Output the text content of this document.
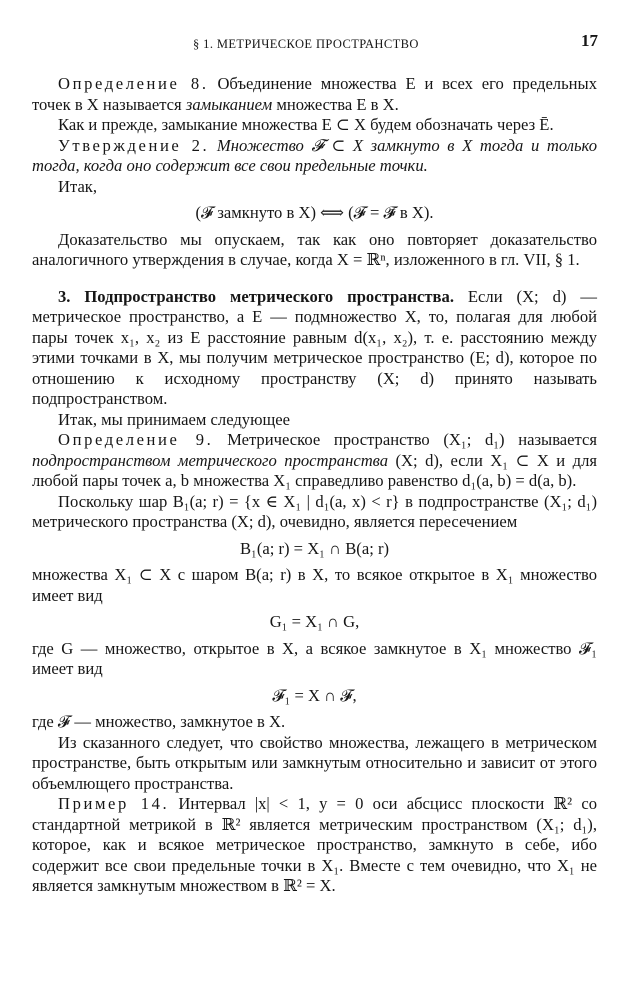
§ 1. МЕТРИЧЕСКОЕ ПРОСТРАНСТВО	17

Определение 8. Объединение множества E и всех его предельных точек в X называется замыканием множества E в X.

Как и прежде, замыкание множества E ⊂ X будем обозначать через Ē.

Утверждение 2. Множество 𝓕 ⊂ X замкнуто в X тогда и только тогда, когда оно содержит все свои предельные точки.

Итак,

(𝓕 замкнуто в X) ⟺ (𝓕 = 𝓕̄ в X).

Доказательство мы опускаем, так как оно повторяет доказательство аналогичного утверждения в случае, когда X = ℝⁿ, изложенного в гл. VII, § 1.

3. Подпространство метрического пространства. Если (X; d) — метрическое пространство, а E — подмножество X, то, полагая для любой пары точек x₁, x₂ из E расстояние равным d(x₁, x₂), т. е. расстоянию между этими точками в X, мы получим метрическое пространство (E; d), которое по отношению к исходному пространству (X; d) принято называть подпространством.

Итак, мы принимаем следующее

Определение 9. Метрическое пространство (X₁; d₁) называется подпространством метрического пространства (X; d), если X₁ ⊂ X и для любой пары точек a, b множества X₁ справедливо равенство d₁(a, b) = d(a, b).

Поскольку шар B₁(a; r) = {x ∈ X₁ | d₁(a, x) < r} в подпространстве (X₁; d₁) метрического пространства (X; d), очевидно, является пересечением

B₁(a; r) = X₁ ∩ B(a; r)

множества X₁ ⊂ X с шаром B(a; r) в X, то всякое открытое в X₁ множество имеет вид

G₁ = X₁ ∩ G,

где G — множество, открытое в X, а всякое замкнутое в X₁ множество 𝓕₁ имеет вид

𝓕₁ = X ∩ 𝓕,

где 𝓕 — множество, замкнутое в X.

Из сказанного следует, что свойство множества, лежащего в метрическом пространстве, быть открытым или замкнутым относительно и зависит от этого объемлющего пространства.

Пример 14. Интервал |x| < 1, y = 0 оси абсцисс плоскости ℝ² со стандартной метрикой в ℝ² является метрическим пространством (X₁; d₁), которое, как и всякое метрическое пространство, замкнуто в себе, ибо содержит все свои предельные точки в X₁. Вместе с тем очевидно, что X₁ не является замкнутым множеством в ℝ² = X.
